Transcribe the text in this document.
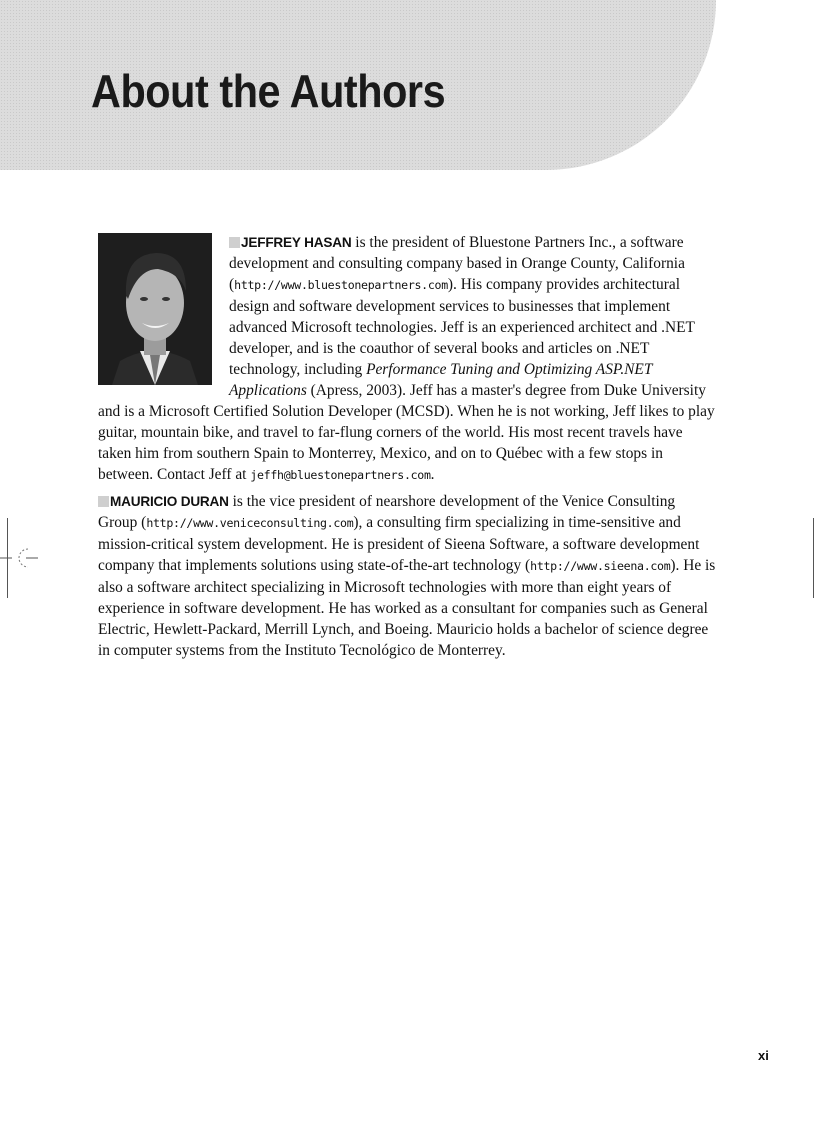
About the Authors
JEFFREY HASAN is the president of Bluestone Partners Inc., a software development and consulting company based in Orange County, California (http://www.bluestonepartners.com). His company provides architectural design and software development services to businesses that implement advanced Microsoft technologies. Jeff is an experienced architect and .NET developer, and is the coauthor of several books and articles on .NET technology, including Performance Tuning and Optimizing ASP.NET Applications (Apress, 2003). Jeff has a master's degree from Duke University and is a Microsoft Certified Solution Developer (MCSD). When he is not working, Jeff likes to play guitar, mountain bike, and travel to far-flung corners of the world. His most recent travels have taken him from southern Spain to Monterrey, Mexico, and on to Québec with a few stops in between. Contact Jeff at jeffh@bluestonepartners.com.
MAURICIO DURAN is the vice president of nearshore development of the Venice Consulting Group (http://www.veniceconsulting.com), a consulting firm specializing in time-sensitive and mission-critical system development. He is president of Sieena Software, a software development company that implements solutions using state-of-the-art technology (http://www.sieena.com). He is also a software architect specializing in Microsoft technologies with more than eight years of experience in software development. He has worked as a consultant for companies such as General Electric, Hewlett-Packard, Merrill Lynch, and Boeing. Mauricio holds a bachelor of science degree in computer systems from the Instituto Tecnológico de Monterrey.
xi
